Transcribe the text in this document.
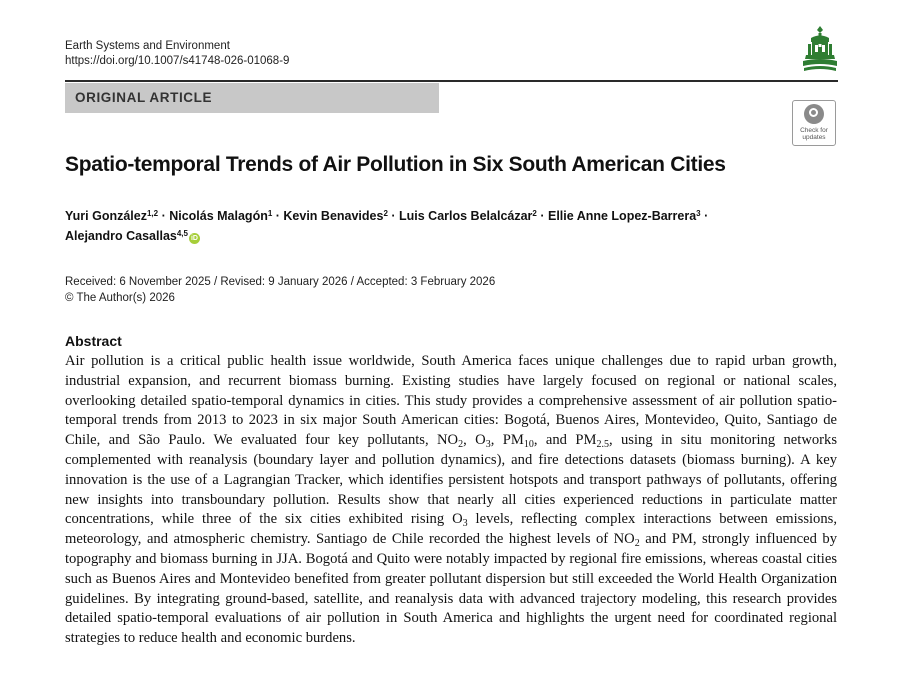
Earth Systems and Environment
https://doi.org/10.1007/s41748-026-01068-9
ORIGINAL ARTICLE
Check for
updates
Spatio-temporal Trends of Air Pollution in Six South American Cities
Yuri González$^{1,2}$ · Nicolás Malagón$^1$ · Kevin Benavides$^2$ · Luis Carlos Belalcázar$^2$ · Ellie Anne Lopez-Barrera$^3$ ·
Alejandro Casallas$^{4,5}$iD
Received: 6 November 2025 / Revised: 9 January 2026 / Accepted: 3 February 2026
© The Author(s) 2026
Abstract
Air pollution is a critical public health issue worldwide, South America faces unique challenges due to rapid urban growth, industrial expansion, and recurrent biomass burning. Existing studies have largely focused on regional or national scales, overlooking detailed spatio-temporal dynamics in cities. This study provides a comprehensive assessment of air pollution spatio-temporal trends from 2013 to 2023 in six major South American cities: Bogotá, Buenos Aires, Montevideo, Quito, Santiago de Chile, and São Paulo. We evaluated four key pollutants, $NO_2$, $O_3$, $PM_{10}$, and $PM_{2.5}$, using in situ monitoring networks complemented with reanalysis (boundary layer and pollution dynamics), and fire detections datasets (biomass burning). A key innovation is the use of a Lagrangian Tracker, which identifies persistent hotspots and transport pathways of pollutants, offering new insights into transboundary pollution. Results show that nearly all cities experienced reductions in particulate matter concentrations, while three of the six cities exhibited rising $O_3$ levels, reflecting complex interactions between emissions, meteorology, and atmospheric chemistry. Santiago de Chile recorded the highest levels of $NO_2$ and PM, strongly influenced by topography and biomass burning in JJA. Bogotá and Quito were notably impacted by regional fire emissions, whereas coastal cities such as Buenos Aires and Montevideo benefited from greater pollutant dispersion but still exceeded the World Health Organization guidelines. By integrating ground-based, satellite, and reanalysis data with advanced trajectory modeling, this research provides detailed spatio-temporal evaluations of air pollution in South America and highlights the urgent need for coordinated regional strategies to reduce health and economic burdens.
